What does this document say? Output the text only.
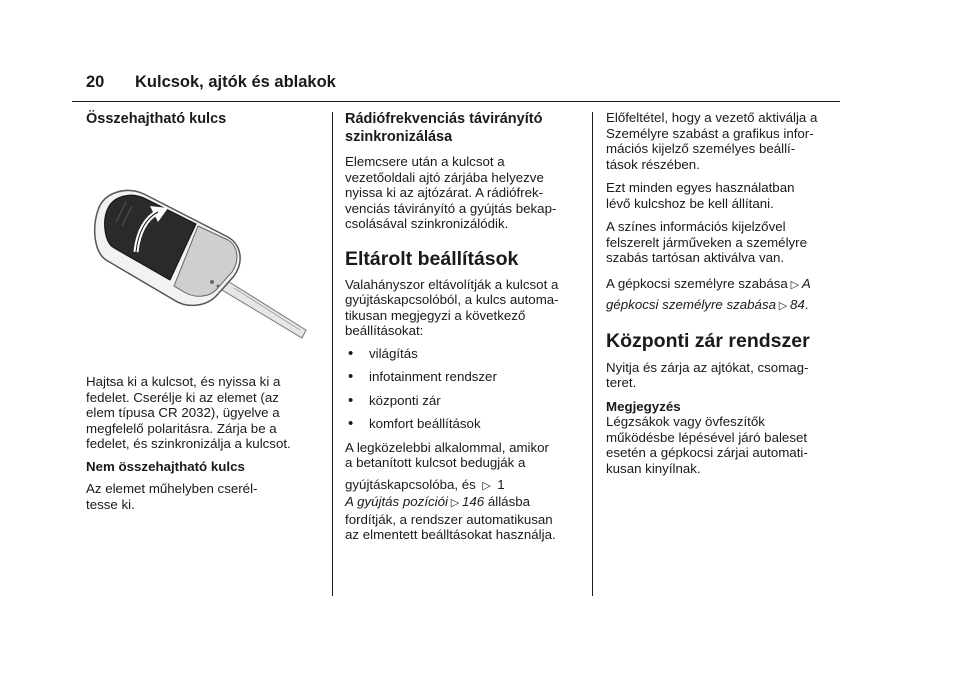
20 Kulcsok, ajtók és ablakok
Összehajtható kulcs

Hajtsa ki a kulcsot, és nyissa ki a
fedelet. Cserélje ki az elemet (az
elem típusa CR 2032), ügyelve a
megfelelő polaritásra. Zárja be a
fedelet, és szinkronizálja a kulcsot.

Nem összehajtható kulcs

Az elemet műhelyben cserél-
tesse ki.

Rádiófrekvenciás távirányító
szinkronizálása

Elemcsere után a kulcsot a
vezetőoldali ajtó zárjába helyezve
nyissa ki az ajtózárat. A rádiófrek-
venciás távirányító a gyújtás bekap-
csolásával szinkronizálódik.

Eltárolt beállítások

Valahányszor eltávolítják a kulcsot a
gyújtáskapcsolóból, a kulcs automa-
tikusan megjegyzi a következő
beállításokat:

• világítás
• infotainment rendszer
• központi zár
• komfort beállítások

A legközelebbi alkalommal, amikor
a betanított kulcsot bedugják a

gyújtáskapcsolóba, és ▷ 1
A gyújtás pozíciói ▷ 146 állásba
fordítják, a rendszer automatikusan
az elmentett beálltásokat használja.

Előfeltétel, hogy a vezető aktiválja a
Személyre szabást a grafikus infor-
mációs kijelző személyes beállí-
tások részében.

Ezt minden egyes használatban
lévő kulcshoz be kell állítani.

A színes információs kijelzővel
felszerelt járműveken a személyre
szabás tartósan aktiválva van.

A gépkocsi személyre szabása ▷ A
gépkocsi személyre szabása ▷ 84.

Központi zár rendszer

Nyitja és zárja az ajtókat, csomag-
teret.

Megjegyzés

Légzsákok vagy övfeszítők
működésbe lépésével járó baleset
esetén a gépkocsi zárjai automati-
kusan kinyílnak.
